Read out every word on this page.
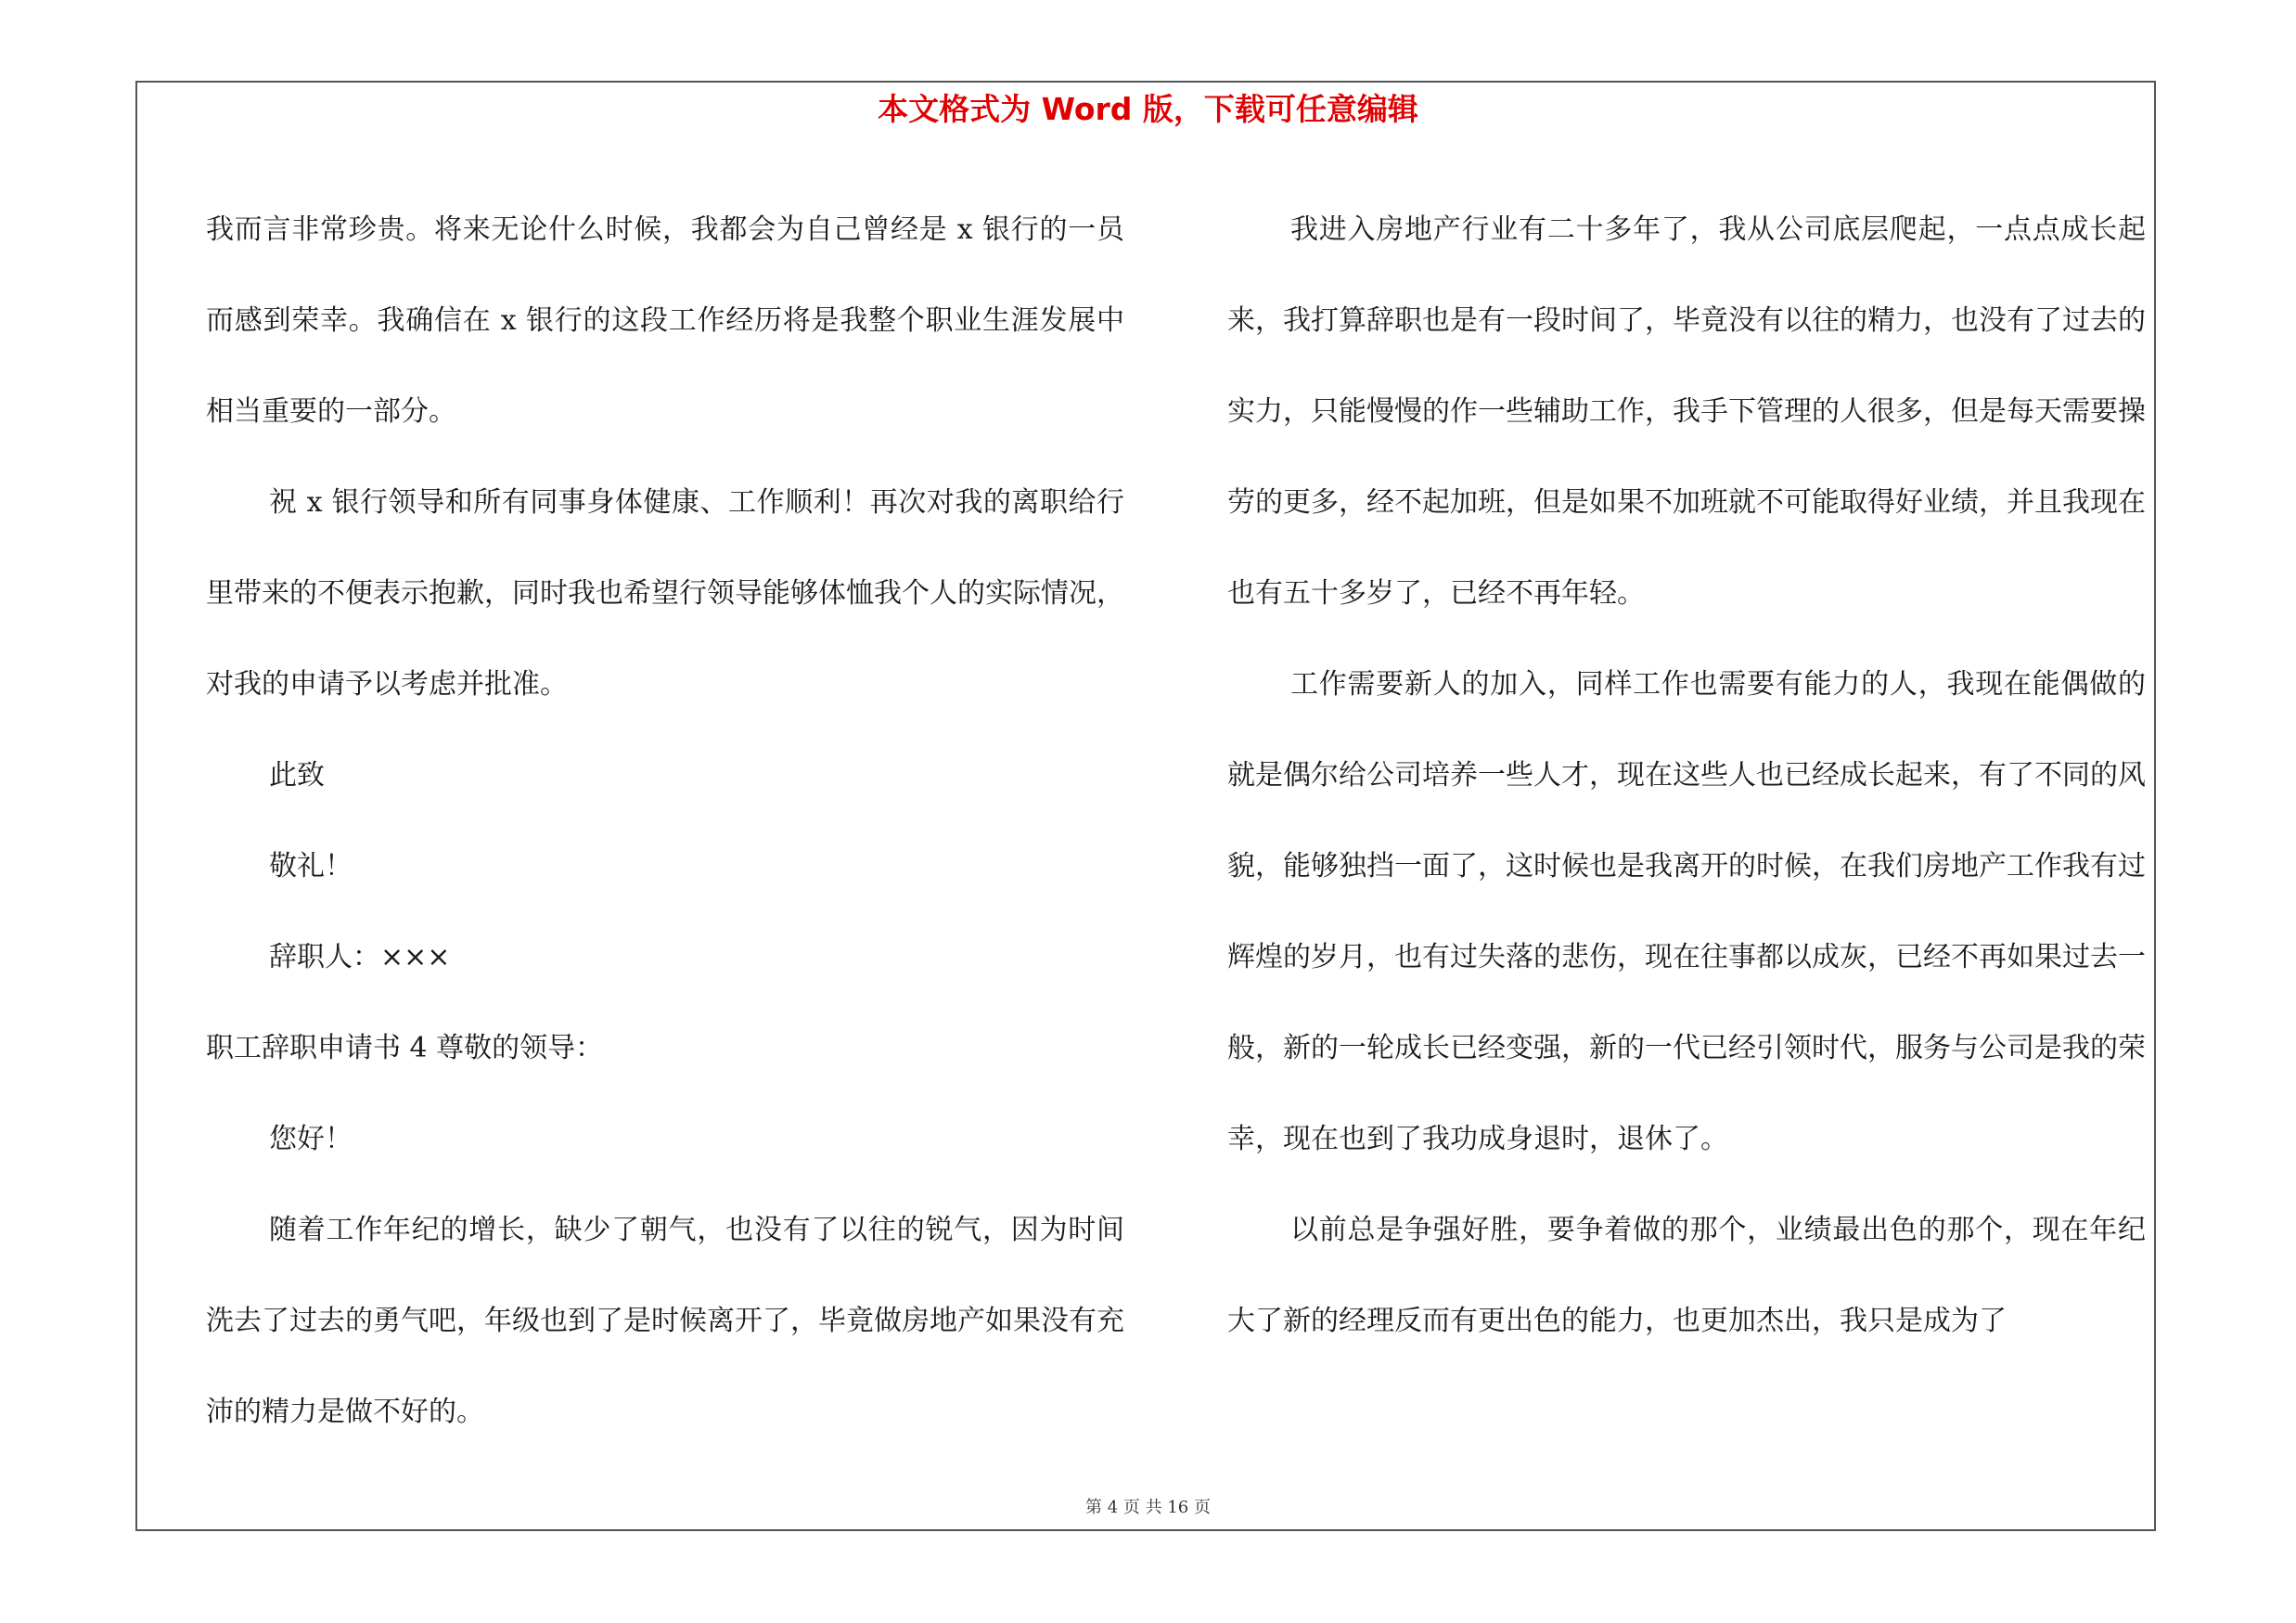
本文格式为 Word 版，下载可任意编辑

我而言非常珍贵。将来无论什么时候，我都会为自己曾经是 x 银行的一员而感到荣幸。我确信在 x 银行的这段工作经历将是我整个职业生涯发展中相当重要的一部分。

祝 x 银行领导和所有同事身体健康、工作顺利！再次对我的离职给行里带来的不便表示抱歉，同时我也希望行领导能够体恤我个人的实际情况，对我的申请予以考虑并批准。

此致

敬礼！

辞职人：×××

职工辞职申请书 4 尊敬的领导：

您好！

随着工作年纪的增长，缺少了朝气，也没有了以往的锐气，因为时间洗去了过去的勇气吧，年级也到了是时候离开了，毕竟做房地产如果没有充沛的精力是做不好的。

我进入房地产行业有二十多年了，我从公司底层爬起，一点点成长起来，我打算辞职也是有一段时间了，毕竟没有以往的精力，也没有了过去的实力，只能慢慢的作一些辅助工作，我手下管理的人很多，但是每天需要操劳的更多，经不起加班，但是如果不加班就不可能取得好业绩，并且我现在也有五十多岁了，已经不再年轻。

工作需要新人的加入，同样工作也需要有能力的人，我现在能偶做的就是偶尔给公司培养一些人才，现在这些人也已经成长起来，有了不同的风貌，能够独挡一面了，这时候也是我离开的时候，在我们房地产工作我有过辉煌的岁月，也有过失落的悲伤，现在往事都以成灰，已经不再如果过去一般，新的一轮成长已经变强，新的一代已经引领时代，服务与公司是我的荣幸，现在也到了我功成身退时，退休了。

以前总是争强好胜，要争着做的那个，业绩最出色的那个，现在年纪大了新的经理反而有更出色的能力，也更加杰出，我只是成为了

第 4 页 共 16 页
